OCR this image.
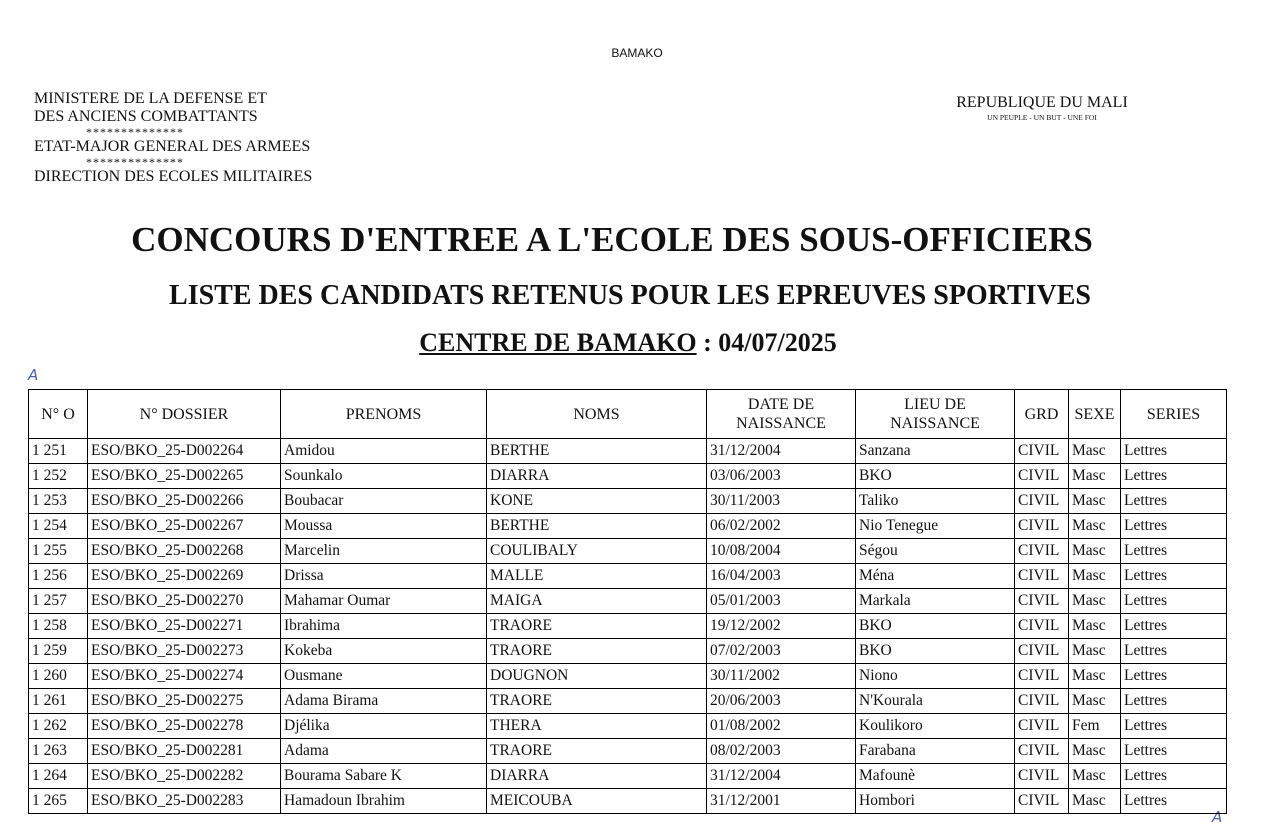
BAMAKO
MINISTERE DE LA DEFENSE ET
DES ANCIENS COMBATTANTS
**************
ETAT-MAJOR GENERAL DES ARMEES
**************
DIRECTION DES ECOLES MILITAIRES
REPUBLIQUE DU MALI
UN PEUPLE - UN BUT - UNE FOI
CONCOURS D'ENTREE A L'ECOLE DES SOUS-OFFICIERS
LISTE DES CANDIDATS RETENUS POUR LES EPREUVES SPORTIVES
CENTRE DE BAMAKO : 04/07/2025
A
A
N° O	N° DOSSIER	PRENOMS	NOMS	DATE DE NAISSANCE	LIEU DE NAISSANCE	GRD	SEXE	SERIES
1 251	ESO/BKO_25-D002264	Amidou	BERTHE	31/12/2004	Sanzana	CIVIL	Masc	Lettres
1 252	ESO/BKO_25-D002265	Sounkalo	DIARRA	03/06/2003	BKO	CIVIL	Masc	Lettres
1 253	ESO/BKO_25-D002266	Boubacar	KONE	30/11/2003	Taliko	CIVIL	Masc	Lettres
1 254	ESO/BKO_25-D002267	Moussa	BERTHE	06/02/2002	Nio Tenegue	CIVIL	Masc	Lettres
1 255	ESO/BKO_25-D002268	Marcelin	COULIBALY	10/08/2004	Ségou	CIVIL	Masc	Lettres
1 256	ESO/BKO_25-D002269	Drissa	MALLE	16/04/2003	Ména	CIVIL	Masc	Lettres
1 257	ESO/BKO_25-D002270	Mahamar Oumar	MAIGA	05/01/2003	Markala	CIVIL	Masc	Lettres
1 258	ESO/BKO_25-D002271	Ibrahima	TRAORE	19/12/2002	BKO	CIVIL	Masc	Lettres
1 259	ESO/BKO_25-D002273	Kokeba	TRAORE	07/02/2003	BKO	CIVIL	Masc	Lettres
1 260	ESO/BKO_25-D002274	Ousmane	DOUGNON	30/11/2002	Niono	CIVIL	Masc	Lettres
1 261	ESO/BKO_25-D002275	Adama Birama	TRAORE	20/06/2003	N'Kourala	CIVIL	Masc	Lettres
1 262	ESO/BKO_25-D002278	Djélika	THERA	01/08/2002	Koulikoro	CIVIL	Fem	Lettres
1 263	ESO/BKO_25-D002281	Adama	TRAORE	08/02/2003	Farabana	CIVIL	Masc	Lettres
1 264	ESO/BKO_25-D002282	Bourama Sabare K	DIARRA	31/12/2004	Mafounè	CIVIL	Masc	Lettres
1 265	ESO/BKO_25-D002283	Hamadoun Ibrahim	MEICOUBA	31/12/2001	Hombori	CIVIL	Masc	Lettres
